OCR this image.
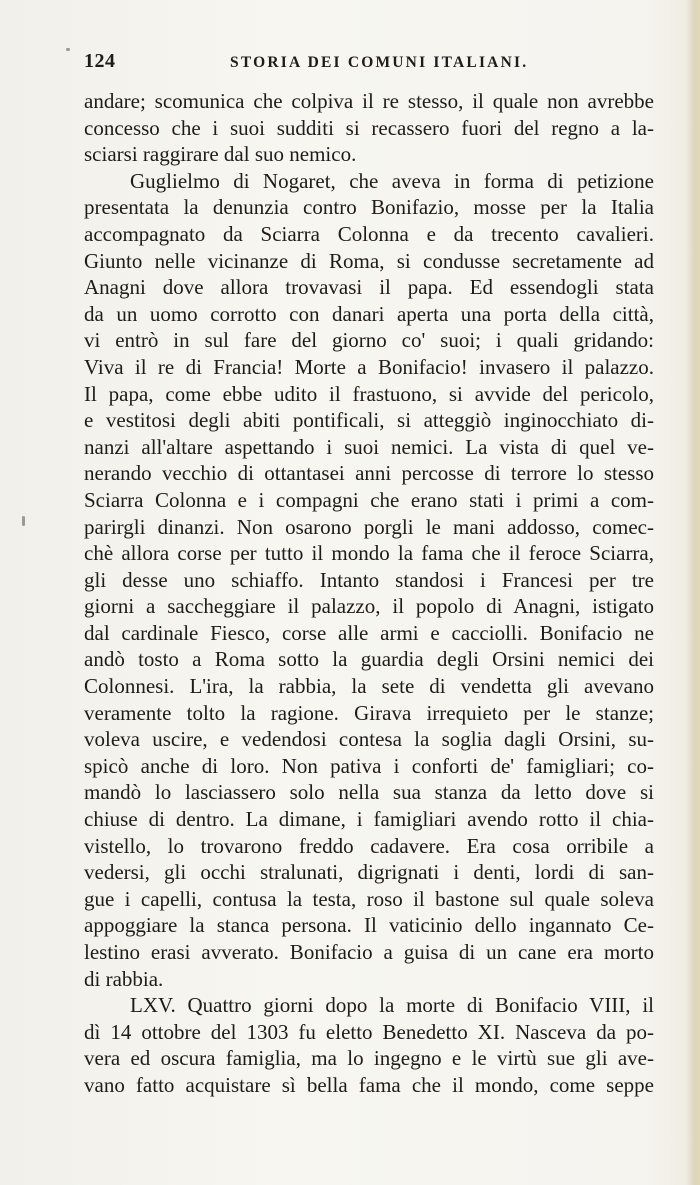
124	STORIA DEI COMUNI ITALIANI.
andare; scomunica che colpiva il re stesso, il quale non avrebbe
concesso che i suoi sudditi si recassero fuori del regno a la-
sciarsi raggirare dal suo nemico.
Guglielmo di Nogaret, che aveva in forma di petizione
presentata la denunzia contro Bonifazio, mosse per la Italia
accompagnato da Sciarra Colonna e da trecento cavalieri.
Giunto nelle vicinanze di Roma, si condusse secretamente ad
Anagni dove allora trovavasi il papa. Ed essendogli stata
da un uomo corrotto con danari aperta una porta della città,
vi entrò in sul fare del giorno co' suoi; i quali gridando:
Viva il re di Francia! Morte a Bonifacio! invasero il palazzo.
Il papa, come ebbe udito il frastuono, si avvide del pericolo,
e vestitosi degli abiti pontificali, si atteggiò inginocchiato di-
nanzi all'altare aspettando i suoi nemici. La vista di quel ve-
nerando vecchio di ottantasei anni percosse di terrore lo stesso
Sciarra Colonna e i compagni che erano stati i primi a com-
parirgli dinanzi. Non osarono porgli le mani addosso, comec-
chè allora corse per tutto il mondo la fama che il feroce Sciarra,
gli desse uno schiaffo. Intanto standosi i Francesi per tre
giorni a saccheggiare il palazzo, il popolo di Anagni, istigato
dal cardinale Fiesco, corse alle armi e cacciolli. Bonifacio ne
andò tosto a Roma sotto la guardia degli Orsini nemici dei
Colonnesi. L'ira, la rabbia, la sete di vendetta gli avevano
veramente tolto la ragione. Girava irrequieto per le stanze;
voleva uscire, e vedendosi contesa la soglia dagli Orsini, su-
spicò anche di loro. Non pativa i conforti de' famigliari; co-
mandò lo lasciassero solo nella sua stanza da letto dove si
chiuse di dentro. La dimane, i famigliari avendo rotto il chia-
vistello, lo trovarono freddo cadavere. Era cosa orribile a
vedersi, gli occhi stralunati, digrignati i denti, lordi di san-
gue i capelli, contusa la testa, roso il bastone sul quale soleva
appoggiare la stanca persona. Il vaticinio dello ingannato Ce-
lestino erasi avverato. Bonifacio a guisa di un cane era morto
di rabbia.
LXV. Quattro giorni dopo la morte di Bonifacio VIII, il
dì 14 ottobre del 1303 fu eletto Benedetto XI. Nasceva da po-
vera ed oscura famiglia, ma lo ingegno e le virtù sue gli ave-
vano fatto acquistare sì bella fama che il mondo, come seppe
